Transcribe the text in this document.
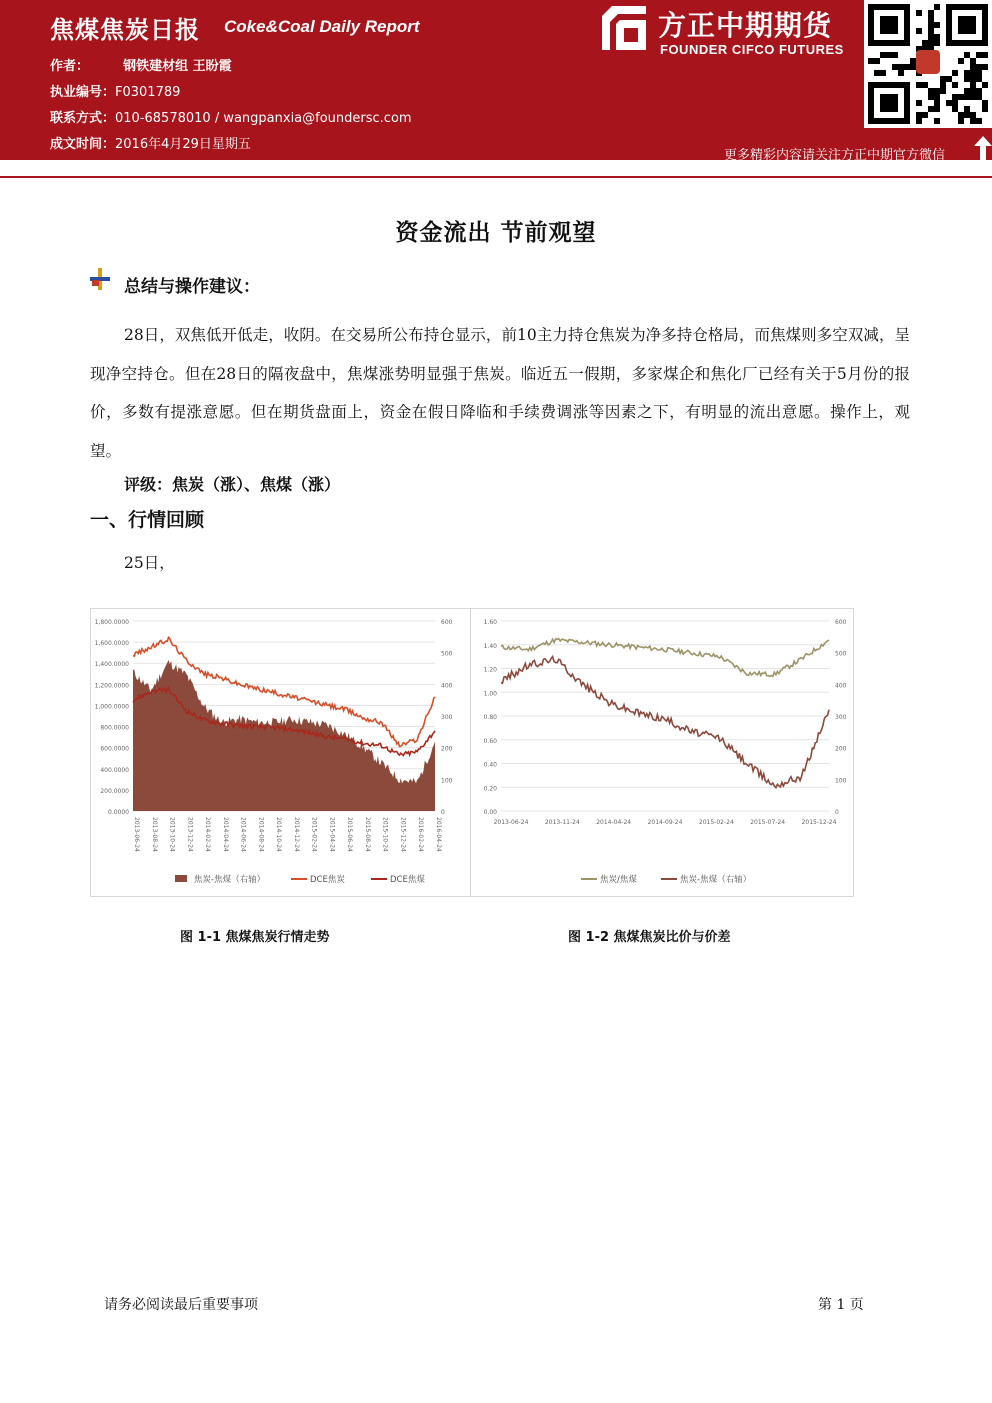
焦煤焦炭日报 Coke&Coal Daily Report
作者：	钢铁建材组 王盼霞
执业编号：F0301789
联系方式：010-68578010 / wangpanxia@foundersc.com
成文时间：2016年4月29日星期五
方正中期期货
FOUNDER CIFCO FUTURES
更多精彩内容请关注方正中期官方微信
资金流出 节前观望
总结与操作建议：
28日，双焦低开低走，收阴。在交易所公布持仓显示，前10主力持仓焦炭为净多持仓格局，而焦煤则多空双减，呈现净空持仓。但在28日的隔夜盘中，焦煤涨势明显强于焦炭。临近五一假期，多家煤企和焦化厂已经有关于5月份的报价，多数有提涨意愿。但在期货盘面上，资金在假日降临和手续费调涨等因素之下，有明显的流出意愿。操作上，观望。
评级：焦炭（涨）、焦煤（涨）
一、行情回顾
25日，
0.0000
200.0000
400.0000
600.0000
800.0000
1,000.0000
1,200.0000
1,400.0000
1,600.0000
1,800.0000
0
100
200
300
400
500
600
2013-06-24 2013-08-24 2013-10-24 2013-12-24 2014-02-24 2014-04-24 2014-06-24 2014-08-24 2014-10-24 2014-12-24 2015-02-24 2015-04-24 2015-06-24 2015-08-24 2015-10-24 2015-12-24 2016-02-24 2016-04-24
焦炭-焦煤（右轴）	DCE焦炭	DCE焦煤
0.00
0.20
0.40
0.60
0.80
1.00
1.20
1.40
1.60
0
100
200
300
400
500
600
2013-06-24	2013-11-24	2014-04-24	2014-09-24	2015-02-24	2015-07-24	2015-12-24
焦炭/焦煤	焦炭-焦煤（右轴）
图 1-1 焦煤焦炭行情走势	图 1-2 焦煤焦炭比价与价差
请务必阅读最后重要事项	第 1 页
